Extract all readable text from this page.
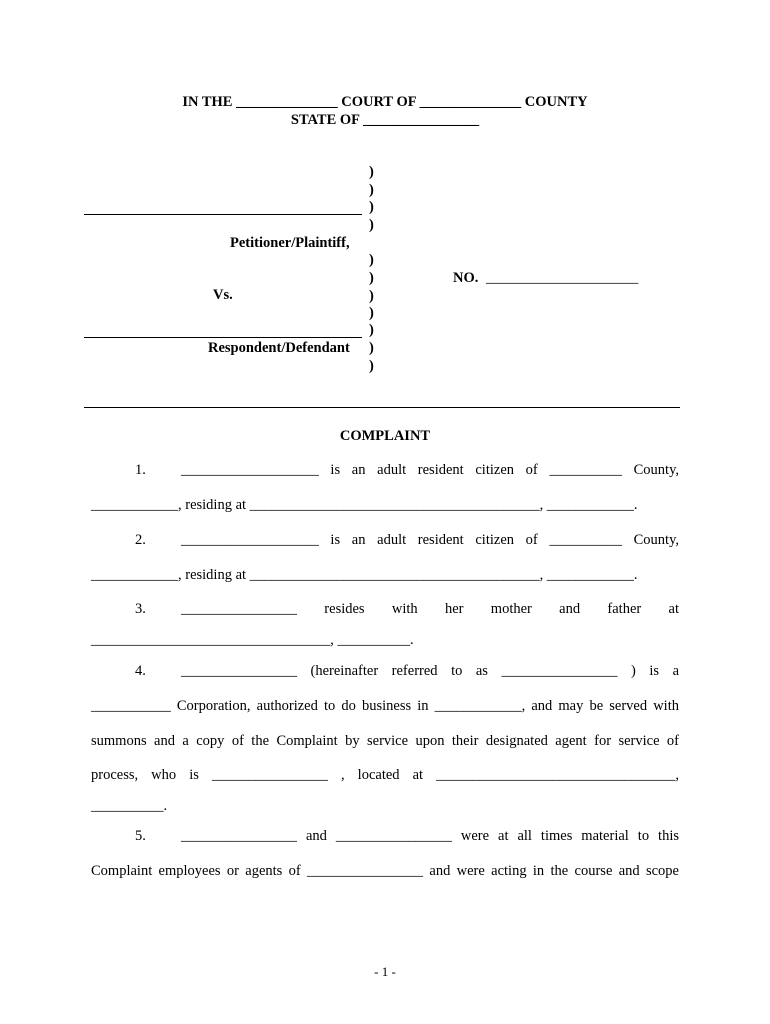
IN THE ______________ COURT OF ______________ COUNTY
STATE OF ________________
)
)
)
)
)
)
)
)
)
)
)
Petitioner/Plaintiff,
Vs.
NO. _____________________
Respondent/Defendant
COMPLAINT
1. ___________________ is an adult resident citizen of __________ County,
____________, residing at ________________________________________, ____________.
2. ___________________ is an adult resident citizen of __________ County,
____________, residing at ________________________________________, ____________.
3. ________________ resides with her mother and father at
_________________________________, __________.
4. ________________ (hereinafter referred to as ________________ ) is a
___________ Corporation, authorized to do business in ____________, and may be served with
summons and a copy of the Complaint by service upon their designated agent for service of
process, who is ________________ , located at _________________________________,
__________.
5. ________________ and ________________ were at all times material to this
Complaint employees or agents of ________________ and were acting in the course and scope
- 1 -
